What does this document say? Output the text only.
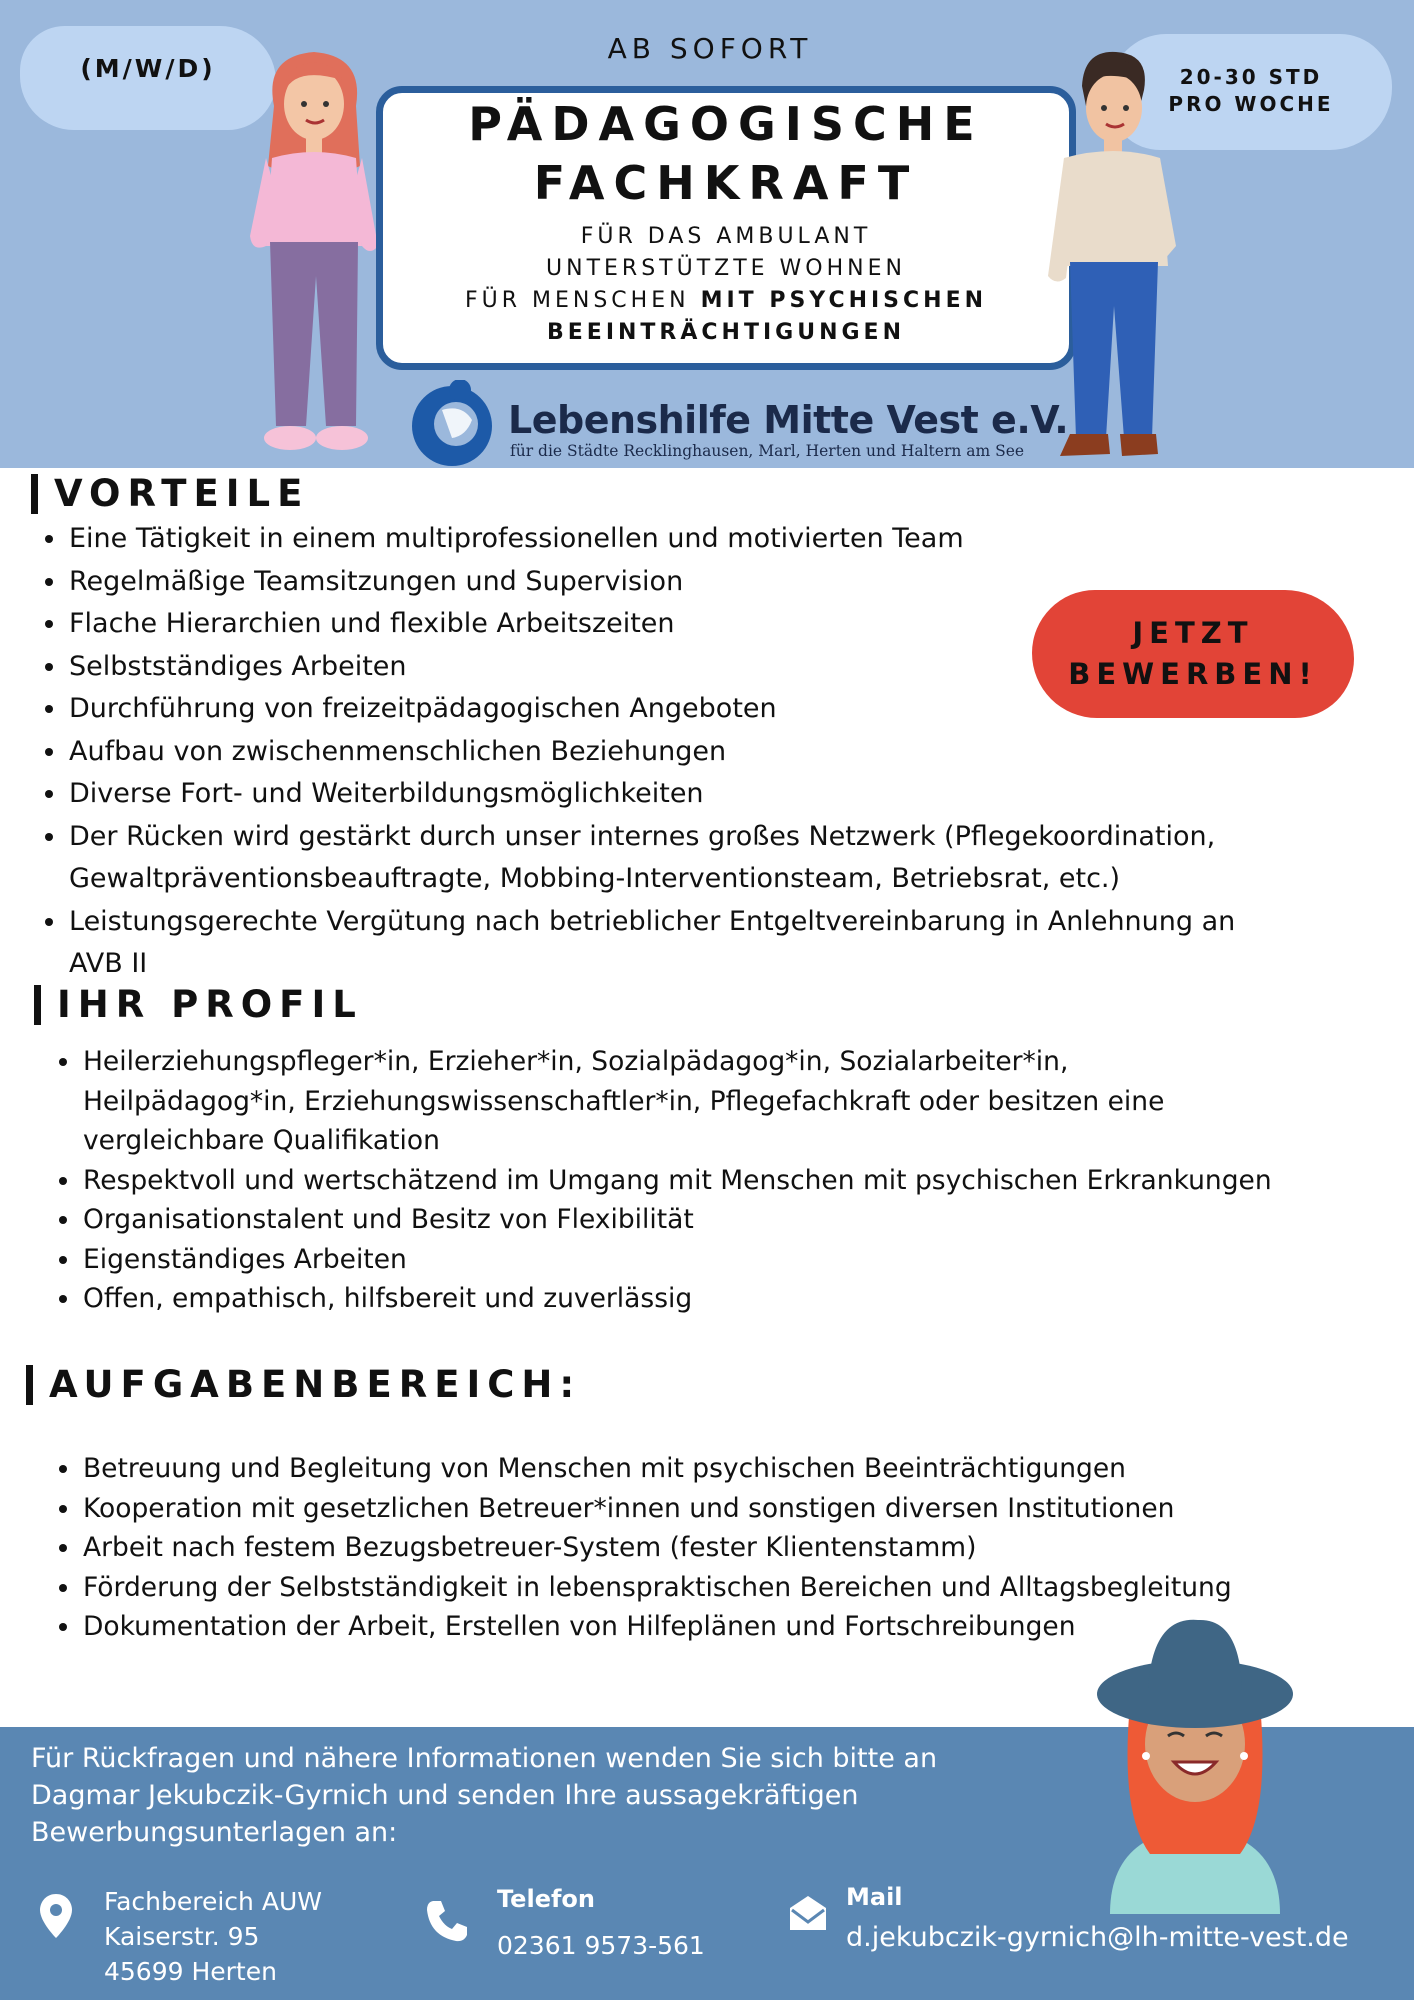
(M/W/D)	20-30 STD
PRO WOCHE
AB SOFORT
PÄDAGOGISCHE
FACHKRAFT
FÜR DAS AMBULANT
UNTERSTÜTZTE WOHNEN
FÜR MENSCHEN MIT PSYCHISCHEN
BEEINTRÄCHTIGUNGEN
Lebenshilfe Mitte Vest e.V.
für die Städte Recklinghausen, Marl, Herten und Haltern am See
VORTEILE
Eine Tätigkeit in einem multiprofessionellen und motivierten Team
Regelmäßige Teamsitzungen und Supervision
Flache Hierarchien und flexible Arbeitszeiten
Selbstständiges Arbeiten
Durchführung von freizeitpädagogischen Angeboten
Aufbau von zwischenmenschlichen Beziehungen
Diverse Fort- und Weiterbildungsmöglichkeiten
Der Rücken wird gestärkt durch unser internes großes Netzwerk (Pflegekoordination, Gewaltpräventionsbeauftragte, Mobbing-Interventionsteam, Betriebsrat, etc.)
Leistungsgerechte Vergütung nach betrieblicher Entgeltvereinbarung in Anlehnung an AVB II
JETZT
BEWERBEN!
IHR PROFIL
Heilerziehungspfleger*in, Erzieher*in, Sozialpädagog*in, Sozialarbeiter*in, Heilpädagog*in, Erziehungswissenschaftler*in, Pflegefachkraft oder besitzen eine vergleichbare Qualifikation
Respektvoll und wertschätzend im Umgang mit Menschen mit psychischen Erkrankungen
Organisationstalent und Besitz von Flexibilität
Eigenständiges Arbeiten
Offen, empathisch, hilfsbereit und zuverlässig
AUFGABENBEREICH:
Betreuung und Begleitung von Menschen mit psychischen Beeinträchtigungen
Kooperation mit gesetzlichen Betreuer*innen und sonstigen diversen Institutionen
Arbeit nach festem Bezugsbetreuer-System (fester Klientenstamm)
Förderung der Selbstständigkeit in lebenspraktischen Bereichen und Alltagsbegleitung
Dokumentation der Arbeit, Erstellen von Hilfeplänen und Fortschreibungen
Für Rückfragen und nähere Informationen wenden Sie sich bitte an Dagmar Jekubczik-Gyrnich und senden Ihre aussagekräftigen Bewerbungsunterlagen an:
Fachbereich AUW
Kaiserstr. 95
45699 Herten
Telefon
02361 9573-561
Mail
d.jekubczik-gyrnich@lh-mitte-vest.de
